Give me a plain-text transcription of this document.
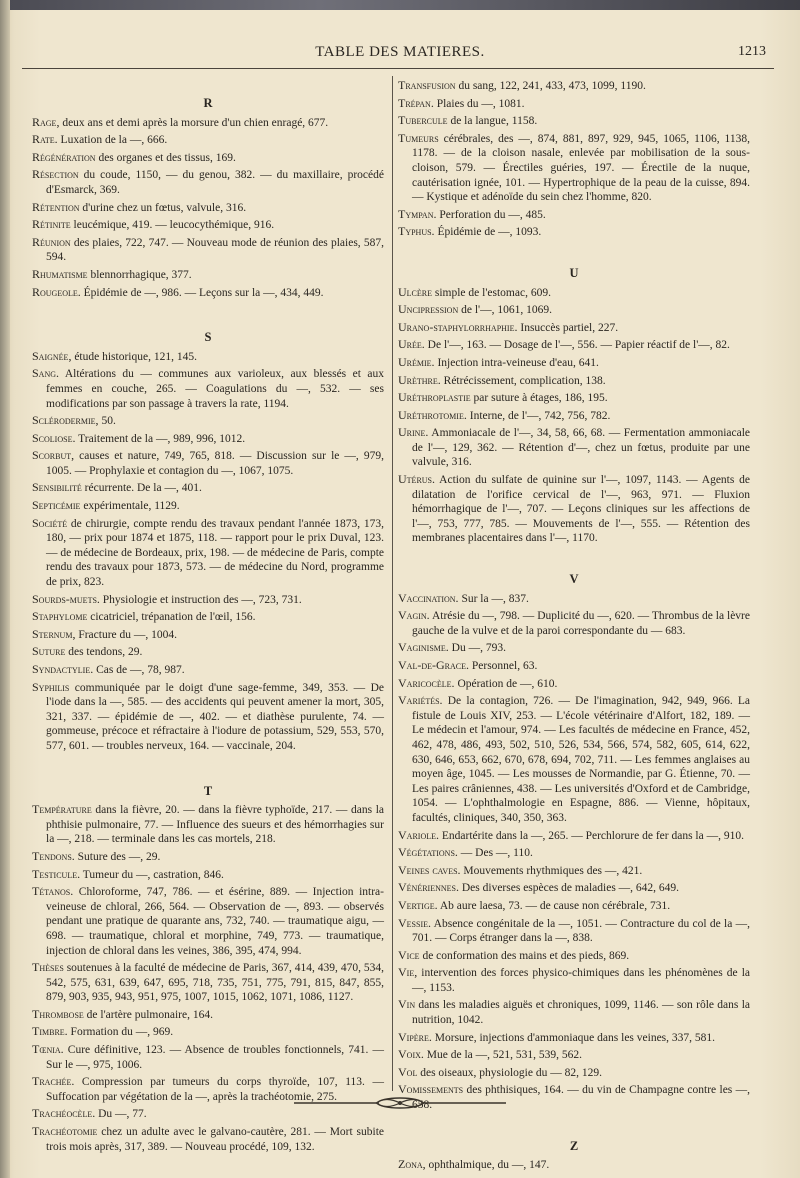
TABLE DES MATIERES.	1213
R

Rage, deux ans et demi après la morsure d'un chien enragé, 677.

Rate. Luxation de la —, 666.

Régénération des organes et des tissus, 169.

Résection du coude, 1150, — du genou, 382. — du maxillaire, procédé d'Esmarck, 369.

Rétention d'urine chez un fœtus, valvule, 316.

Rétinite leucémique, 419. — leucocythémique, 916.

Réunion des plaies, 722, 747. — Nouveau mode de réunion des plaies, 587, 594.

Rhumatisme blennorrhagique, 377.

Rougeole. Épidémie de —, 986. — Leçons sur la —, 434, 449.

S

Saignée, étude historique, 121, 145.

Sang. Altérations du — communes aux varioleux, aux blessés et aux femmes en couche, 265. — Coagulations du —, 532. — ses modifications par son passage à travers la rate, 1194.

Sclérodermie, 50.

Scoliose. Traitement de la —, 989, 996, 1012.

Scorbut, causes et nature, 749, 765, 818. — Discussion sur le —, 979, 1005. — Prophylaxie et contagion du —, 1067, 1075.

Sensibilité récurrente. De la —, 401.

Septicémie expérimentale, 1129.

Société de chirurgie, compte rendu des travaux pendant l'année 1873, 173, 180, — prix pour 1874 et 1875, 118. — rapport pour le prix Duval, 123. — de médecine de Bordeaux, prix, 198. — de médecine de Paris, compte rendu des travaux pour 1873, 573. — de médecine du Nord, programme de prix, 823.

Sourds-muets. Physiologie et instruction des —, 723, 731.

Staphylome cicatriciel, trépanation de l'œil, 156.

Sternum, Fracture du —, 1004.

Suture des tendons, 29.

Syndactylie. Cas de —, 78, 987.

Syphilis communiquée par le doigt d'une sage-femme, 349, 353. — De l'iode dans la —, 585. — des accidents qui peuvent amener la mort, 305, 321, 337. — épidémie de —, 402. — et diathèse purulente, 74. — gommeuse, précoce et réfractaire à l'iodure de potassium, 529, 553, 570, 577, 601. — troubles nerveux, 164. — vaccinale, 204.

T

Température dans la fièvre, 20. — dans la fièvre typhoïde, 217. — dans la phthisie pulmonaire, 77. — Influence des sueurs et des hémorrhagies sur la —, 218. — terminale dans les cas mortels, 218.

Tendons. Suture des —, 29.

Testicule. Tumeur du —, castration, 846.

Tétanos. Chloroforme, 747, 786. — et ésérine, 889. — Injection intra-veineuse de chloral, 266, 564. — Observation de —, 893. — observés pendant une pratique de quarante ans, 732, 740. — traumatique aigu, — 698. — traumatique, chloral et morphine, 749, 773. — traumatique, injection de chloral dans les veines, 386, 395, 474, 994.

Thèses soutenues à la faculté de médecine de Paris, 367, 414, 439, 470, 534, 542, 575, 631, 639, 647, 695, 718, 735, 751, 775, 791, 815, 847, 855, 879, 903, 935, 943, 951, 975, 1007, 1015, 1062, 1071, 1086, 1127.

Thrombose de l'artère pulmonaire, 164.

Timbre. Formation du —, 969.

Tœnia. Cure définitive, 123. — Absence de troubles fonctionnels, 741. — Sur le —, 975, 1006.

Trachée. Compression par tumeurs du corps thyroïde, 107, 113. — Suffocation par végétation de la —, après la trachéotomie, 275.

Trachéocèle. Du —, 77.

Trachéotomie chez un adulte avec le galvano-cautère, 281. — Mort subite trois mois après, 317, 389. — Nouveau procédé, 109, 132.

Transfusion du sang, 122, 241, 433, 473, 1099, 1190.

Trépan. Plaies du —, 1081.

Tubercule de la langue, 1158.

Tumeurs cérébrales, des —, 874, 881, 897, 929, 945, 1065, 1106, 1138, 1178. — de la cloison nasale, enlevée par mobilisation de la sous-cloison, 579. — Érectiles guéries, 197. — Érectile de la nuque, cautérisation ignée, 101. — Hypertrophique de la peau de la cuisse, 894. — Kystique et adénoïde du sein chez l'homme, 820.

Tympan. Perforation du —, 485.

Typhus. Épidémie de —, 1093.

U

Ulcère simple de l'estomac, 609.

Uncipression de l'—, 1061, 1069.

Urano-staphylorrhaphie. Insuccès partiel, 227.

Urée. De l'—, 163. — Dosage de l'—, 556. — Papier réactif de l'—, 82.

Urémie. Injection intra-veineuse d'eau, 641.

Urèthre. Rétrécissement, complication, 138.

Uréthroplastie par suture à étages, 186, 195.

Uréthrotomie. Interne, de l'—, 742, 756, 782.

Urine. Ammoniacale de l'—, 34, 58, 66, 68. — Fermentation ammoniacale de l'—, 129, 362. — Rétention d'—, chez un fœtus, produite par une valvule, 316.

Utérus. Action du sulfate de quinine sur l'—, 1097, 1143. — Agents de dilatation de l'orifice cervical de l'—, 963, 971. — Fluxion hémorrhagique de l'—, 707. — Leçons cliniques sur les affections de l'—, 753, 777, 785. — Mouvements de l'—, 555. — Rétention des membranes placentaires dans l'—, 1170.

V

Vaccination. Sur la —, 837.

Vagin. Atrésie du —, 798. — Duplicité du —, 620. — Thrombus de la lèvre gauche de la vulve et de la paroi correspondante du — 683.

Vaginisme. Du —, 793.

Val-de-Grace. Personnel, 63.

Varicocèle. Opération de —, 610.

Variétés. De la contagion, 726. — De l'imagination, 942, 949, 966. La fistule de Louis XIV, 253. — L'école vétérinaire d'Alfort, 182, 189. — Le médecin et l'amour, 974. — Les facultés de médecine en France, 452, 462, 478, 486, 493, 502, 510, 526, 534, 566, 574, 582, 605, 614, 622, 630, 646, 653, 662, 670, 678, 694, 702, 711. — Les femmes anglaises au moyen âge, 1045. — Les mousses de Normandie, par G. Étienne, 70. — Les paires crâniennes, 438. — Les universités d'Oxford et de Cambridge, 1054. — L'ophthalmologie en Espagne, 886. — Vienne, hôpitaux, facultés, cliniques, 340, 350, 363.

Variole. Endartérite dans la —, 265. — Perchlorure de fer dans la —, 910.

Végétations. — Des —, 110.

Veines caves. Mouvements rhythmiques des —, 421.

Vénériennes. Des diverses espèces de maladies —, 642, 649.

Vertige. Ab aure laesa, 73. — de cause non cérébrale, 731.

Vessie. Absence congénitale de la —, 1051. — Contracture du col de la —, 701. — Corps étranger dans la —, 838.

Vice de conformation des mains et des pieds, 869.

Vie, intervention des forces physico-chimiques dans les phénomènes de la —, 1153.

Vin dans les maladies aiguës et chroniques, 1099, 1146. — son rôle dans la nutrition, 1042.

Vipère. Morsure, injections d'ammoniaque dans les veines, 337, 581.

Voix. Mue de la —, 521, 531, 539, 562.

Vol des oiseaux, physiologie du — 82, 129.

Vomissements des phthisiques, 164. — du vin de Champagne contre les —, 658.

Z

Zona, ophthalmique, du —, 147.
